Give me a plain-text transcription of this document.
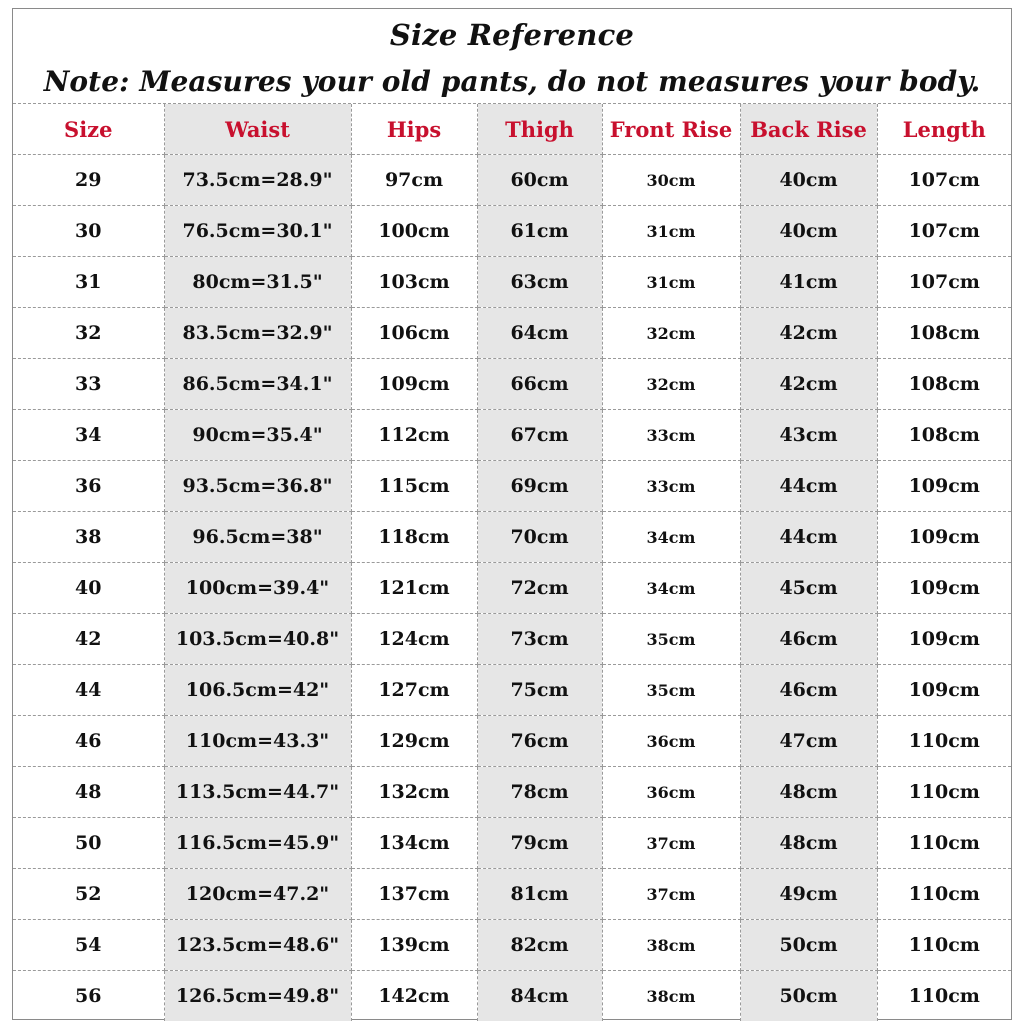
Size Reference
Note: Measures your old pants, do not measures your body.
Size	Waist	Hips	Thigh	Front Rise	Back Rise	Length
29	73.5cm=28.9"	97cm	60cm	30cm	40cm	107cm
30	76.5cm=30.1"	100cm	61cm	31cm	40cm	107cm
31	80cm=31.5"	103cm	63cm	31cm	41cm	107cm
32	83.5cm=32.9"	106cm	64cm	32cm	42cm	108cm
33	86.5cm=34.1"	109cm	66cm	32cm	42cm	108cm
34	90cm=35.4"	112cm	67cm	33cm	43cm	108cm
36	93.5cm=36.8"	115cm	69cm	33cm	44cm	109cm
38	96.5cm=38"	118cm	70cm	34cm	44cm	109cm
40	100cm=39.4"	121cm	72cm	34cm	45cm	109cm
42	103.5cm=40.8"	124cm	73cm	35cm	46cm	109cm
44	106.5cm=42"	127cm	75cm	35cm	46cm	109cm
46	110cm=43.3"	129cm	76cm	36cm	47cm	110cm
48	113.5cm=44.7"	132cm	78cm	36cm	48cm	110cm
50	116.5cm=45.9"	134cm	79cm	37cm	48cm	110cm
52	120cm=47.2"	137cm	81cm	37cm	49cm	110cm
54	123.5cm=48.6"	139cm	82cm	38cm	50cm	110cm
56	126.5cm=49.8"	142cm	84cm	38cm	50cm	110cm
